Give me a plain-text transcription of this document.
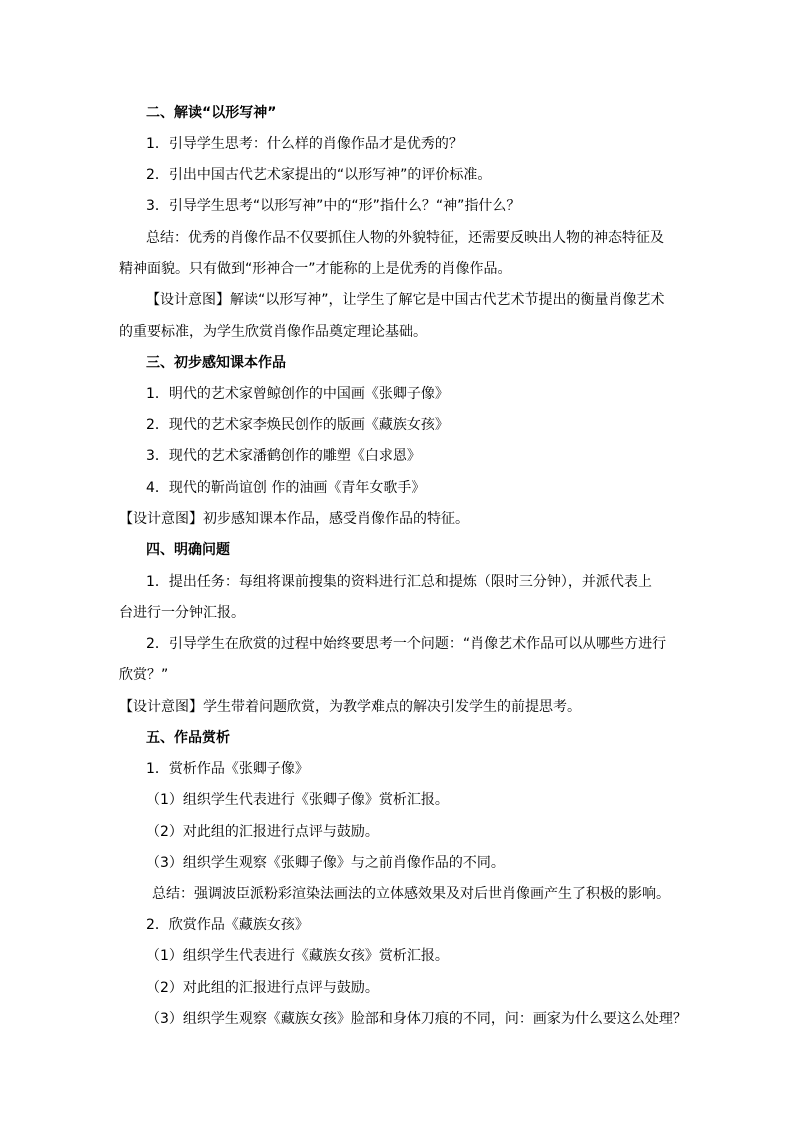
二、解读“以形写神”
1．引导学生思考：什么样的肖像作品才是优秀的？
2．引出中国古代艺术家提出的“以形写神”的评价标准。
3．引导学生思考“以形写神”中的“形”指什么？“神”指什么？
总结：优秀的肖像作品不仅要抓住人物的外貌特征，还需要反映出人物的神态特征及
精神面貌。只有做到“形神合一”才能称的上是优秀的肖像作品。
【设计意图】解读“以形写神”，让学生了解它是中国古代艺术节提出的衡量肖像艺术
的重要标准，为学生欣赏肖像作品奠定理论基础。
三、初步感知课本作品
1．明代的艺术家曾鲸创作的中国画《张卿子像》
2．现代的艺术家李焕民创作的版画《藏族女孩》
3．现代的艺术家潘鹤创作的雕塑《白求恩》
4．现代的靳尚谊创 作的油画《青年女歌手》
【设计意图】初步感知课本作品，感受肖像作品的特征。
四、明确问题
1．提出任务：每组将课前搜集的资料进行汇总和提炼（限时三分钟），并派代表上
台进行一分钟汇报。
2．引导学生在欣赏的过程中始终要思考一个问题：“肖像艺术作品可以从哪些方进行
欣赏？”
【设计意图】学生带着问题欣赏，为教学难点的解决引发学生的前提思考。
五、作品赏析
1．赏析作品《张卿子像》
（1）组织学生代表进行《张卿子像》赏析汇报。
（2）对此组的汇报进行点评与鼓励。
（3）组织学生观察《张卿子像》与之前肖像作品的不同。
总结：强调波臣派粉彩渲染法画法的立体感效果及对后世肖像画产生了积极的影响。
2．欣赏作品《藏族女孩》
（1）组织学生代表进行《藏族女孩》赏析汇报。
（2）对此组的汇报进行点评与鼓励。
（3）组织学生观察《藏族女孩》脸部和身体刀痕的不同，问：画家为什么要这么处理？
